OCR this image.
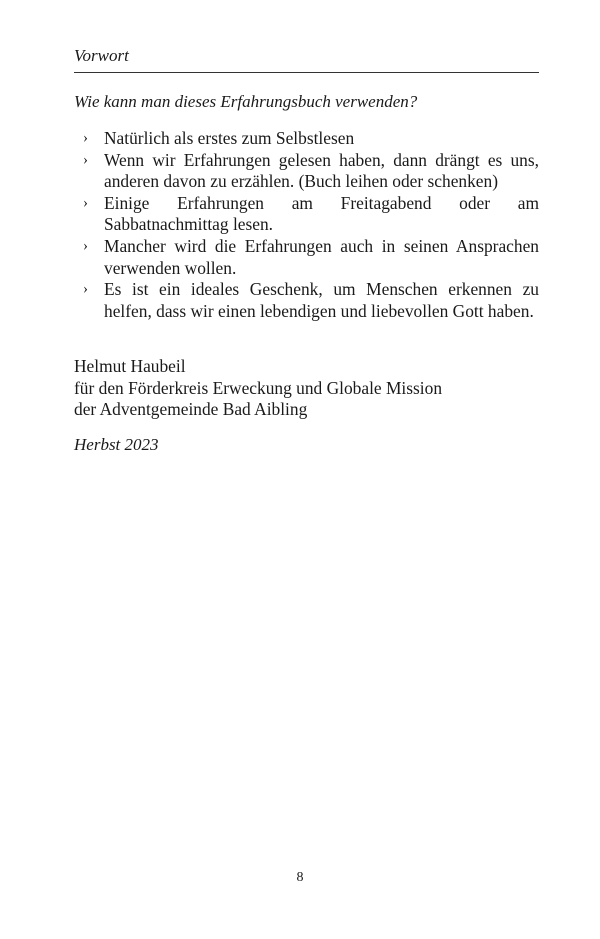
Vorwort
Wie kann man dieses Erfahrungsbuch verwenden?
› Natürlich als erstes zum Selbstlesen
› Wenn wir Erfahrungen gelesen haben, dann drängt es uns, anderen davon zu erzählen. (Buch leihen oder schenken)
› Einige Erfahrungen am Freitagabend oder am Sabbatnachmittag lesen.
› Mancher wird die Erfahrungen auch in seinen Ansprachen verwenden wollen.
› Es ist ein ideales Geschenk, um Menschen erkennen zu helfen, dass wir einen lebendigen und liebevollen Gott haben.
Helmut Haubeil
für den Förderkreis Erweckung und Globale Mission
der Adventgemeinde Bad Aibling
Herbst 2023
8
